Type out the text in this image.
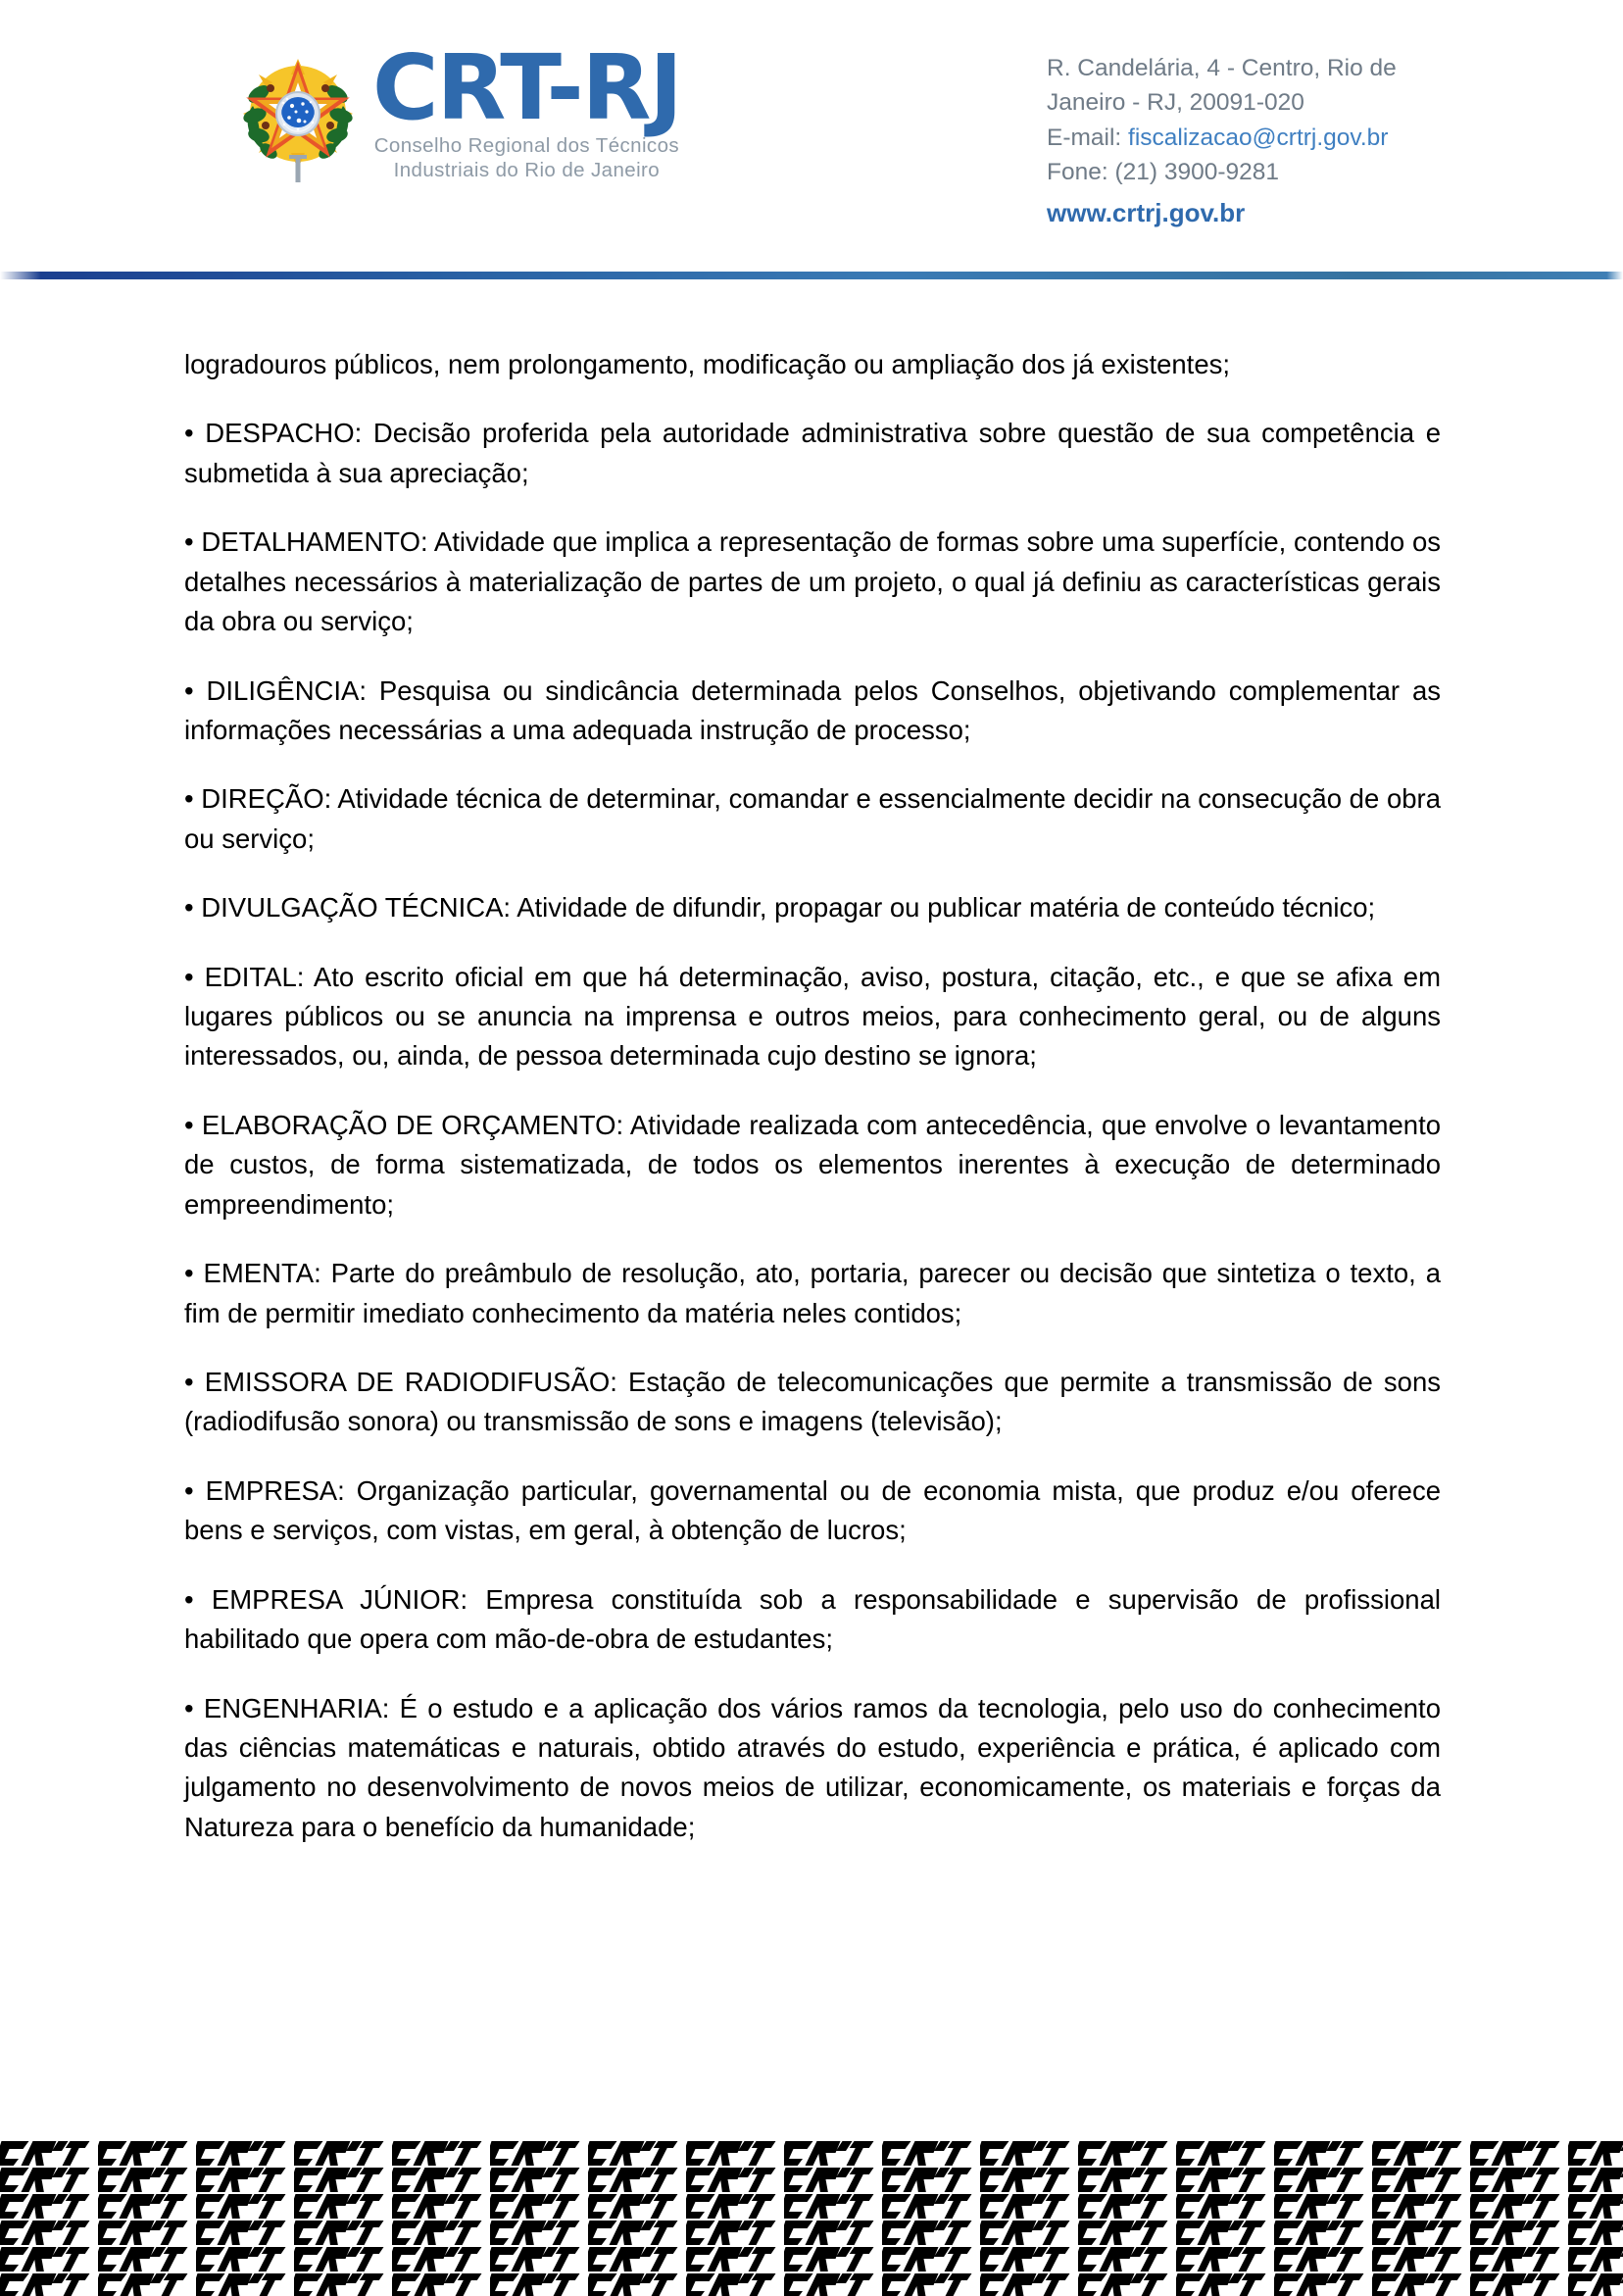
CRT-RJ
Conselho Regional dos Técnicos
Industriais do Rio de Janeiro
R. Candelária, 4 - Centro, Rio de
Janeiro - RJ, 20091-020
E-mail: fiscalizacao@crtrj.gov.br
Fone: (21) 3900-9281
www.crtrj.gov.br

logradouros públicos, nem prolongamento, modificação ou ampliação dos já existentes;

• DESPACHO: Decisão proferida pela autoridade administrativa sobre questão de sua competência e submetida à sua apreciação;

• DETALHAMENTO: Atividade que implica a representação de formas sobre uma superfície, contendo os detalhes necessários à materialização de partes de um projeto, o qual já definiu as características gerais da obra ou serviço;

• DILIGÊNCIA: Pesquisa ou sindicância determinada pelos Conselhos, objetivando complementar as informações necessárias a uma adequada instrução de processo;

• DIREÇÃO: Atividade técnica de determinar, comandar e essencialmente decidir na consecução de obra ou serviço;

• DIVULGAÇÃO TÉCNICA: Atividade de difundir, propagar ou publicar matéria de conteúdo técnico;

• EDITAL: Ato escrito oficial em que há determinação, aviso, postura, citação, etc., e que se afixa em lugares públicos ou se anuncia na imprensa e outros meios, para conhecimento geral, ou de alguns interessados, ou, ainda, de pessoa determinada cujo destino se ignora;

• ELABORAÇÃO DE ORÇAMENTO: Atividade realizada com antecedência, que envolve o levantamento de custos, de forma sistematizada, de todos os elementos inerentes à execução de determinado empreendimento;

• EMENTA: Parte do preâmbulo de resolução, ato, portaria, parecer ou decisão que sintetiza o texto, a fim de permitir imediato conhecimento da matéria neles contidos;

• EMISSORA DE RADIODIFUSÃO: Estação de telecomunicações que permite a transmissão de sons (radiodifusão sonora) ou transmissão de sons e imagens (televisão);

• EMPRESA: Organização particular, governamental ou de economia mista, que produz e/ou oferece bens e serviços, com vistas, em geral, à obtenção de lucros;

• EMPRESA JÚNIOR: Empresa constituída sob a responsabilidade e supervisão de profissional habilitado que opera com mão-de-obra de estudantes;

• ENGENHARIA: É o estudo e a aplicação dos vários ramos da tecnologia, pelo uso do conhecimento das ciências matemáticas e naturais, obtido através do estudo, experiência e prática, é aplicado com julgamento no desenvolvimento de novos meios de utilizar, economicamente, os materiais e forças da Natureza para o benefício da humanidade;
